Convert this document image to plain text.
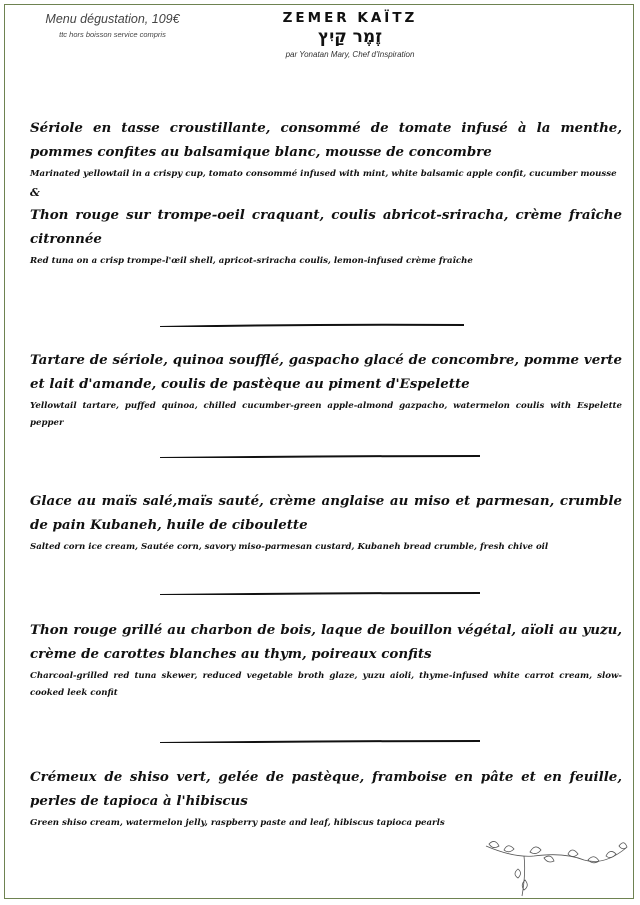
Menu dégustation, 109€
ttc hors boisson service compris
ZEMER KAÏTZ
זֶמֶר קַיִץ
par Yonatan Mary, Chef d'Inspiration
Sériole en tasse croustillante, consommé de tomate infusé à la menthe, pommes confites au balsamique blanc, mousse de concombre
Marinated yellowtail in a crispy cup, tomato consommé infused with mint, white balsamic apple confit, cucumber mousse
&
Thon rouge sur trompe-oeil craquant, coulis abricot-sriracha, crème fraîche citronnée
Red tuna on a crisp trompe-l'œil shell, apricot-sriracha coulis, lemon-infused crème fraîche
Tartare de sériole, quinoa soufflé, gaspacho glacé de concombre, pomme verte et lait d'amande, coulis de pastèque au piment d'Espelette
Yellowtail tartare, puffed quinoa, chilled cucumber-green apple-almond gazpacho, watermelon coulis with Espelette pepper
Glace au maïs salé,maïs sauté, crème anglaise au miso et parmesan, crumble de pain Kubaneh, huile de ciboulette
Salted corn ice cream, Sautée corn, savory miso-parmesan custard, Kubaneh bread crumble, fresh chive oil
Thon rouge grillé au charbon de bois, laque de bouillon végétal, aïoli au yuzu, crème de carottes blanches au thym, poireaux confits
Charcoal-grilled red tuna skewer, reduced vegetable broth glaze, yuzu aioli, thyme-infused white carrot cream, slow-cooked leek confit
Crémeux de shiso vert, gelée de pastèque, framboise en pâte et en feuille, perles de tapioca à l'hibiscus
Green shiso cream, watermelon jelly, raspberry paste and leaf, hibiscus tapioca pearls
